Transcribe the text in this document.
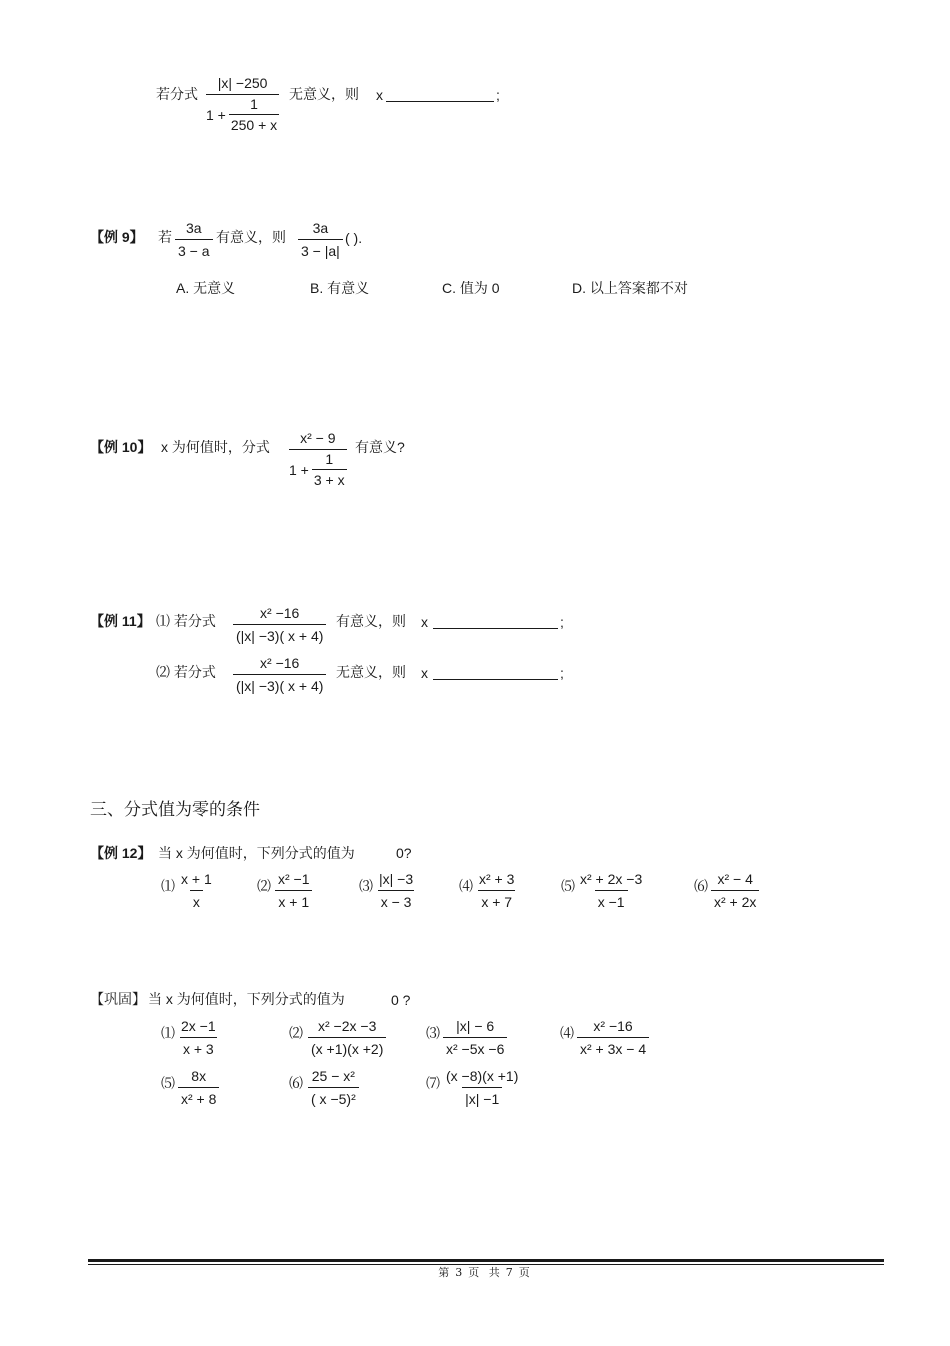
若分式 $\frac{|x| -250}{1 + \frac{1}{250 + x}}$ 无意义，则 x	;
【例 9】 若 $\frac{3a}{3 - a}$ 有意义，则 $\frac{3a}{3 - |a|}$ ( ).
A. 无意义	B. 有意义	C. 值为 0	D. 以上答案都不对
【例 10】 x 为何值时，分式 $\frac{\text{x² − 9}}{1 + \frac{1}{3 + x}}$ 有意义?
【例 11】 ⑴ 若分式 $\frac{\text{x² −16}}{(|x| -3)( x + 4)}$ 有意义，则 x	;
⑵ 若分式 $\frac{\text{x² −16}}{(|x| -3)( x + 4)}$ 无意义，则 x	;
三、分式值为零的条件
【例 12】 当 x 为何值时，下列分式的值为	0?
⑴ $\frac{x + 1}{x}$	⑵ $\frac{\text{x² −1}}{x + 1}$	⑶ $\frac{|x| -3}{x - 3}$	⑷ $\frac{\text{x² + 3}}{x + 7}$	⑸ $\frac{\text{x² + 2x −3}}{x -1}$	⑹ $\frac{\text{x² − 4}}{\text{x² + 2x}}$
【巩固】 当 x 为何值时，下列分式的值为	0 ?
⑴ $\frac{2x -1}{x + 3}$	⑵ $\frac{\text{x² −2x −3}}{(x +1)(x +2)}$	⑶ $\frac{|x| - 6}{\text{x² −5x −6}}$	⑷ $\frac{\text{x² −16}}{\text{x² + 3x − 4}}$
⑸ $\frac{8x}{\text{x² + 8}}$	⑹ $\frac{\text{25 − x²}}{\text{( x −5)²}}$	⑺ $\frac{(x -8)(x +1)}{|x| -1}$
第 3 页 共 7 页
